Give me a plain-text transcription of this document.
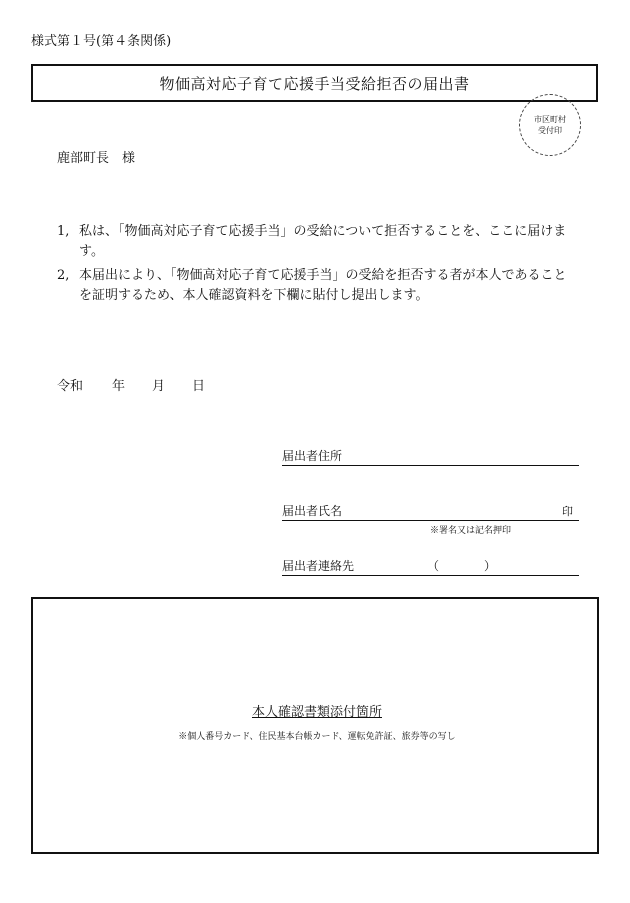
様式第１号(第４条関係)
物価高対応子育て応援手当受給拒否の届出書
市区町村
受付印
鹿部町長　様
1, 私は、「物価高対応子育て応援手当」の受給について拒否することを、ここに届けます。
2, 本届出により、「物価高対応子育て応援手当」の受給を拒否する者が本人であることを証明するため、本人確認資料を下欄に貼付し提出します。
令和	年	月	日
届出者住所
届出者氏名	印
※署名又は記名押印
届出者連絡先	（	）
本人確認書類添付箇所
※個人番号カード、住民基本台帳カード、運転免許証、旅券等の写し
